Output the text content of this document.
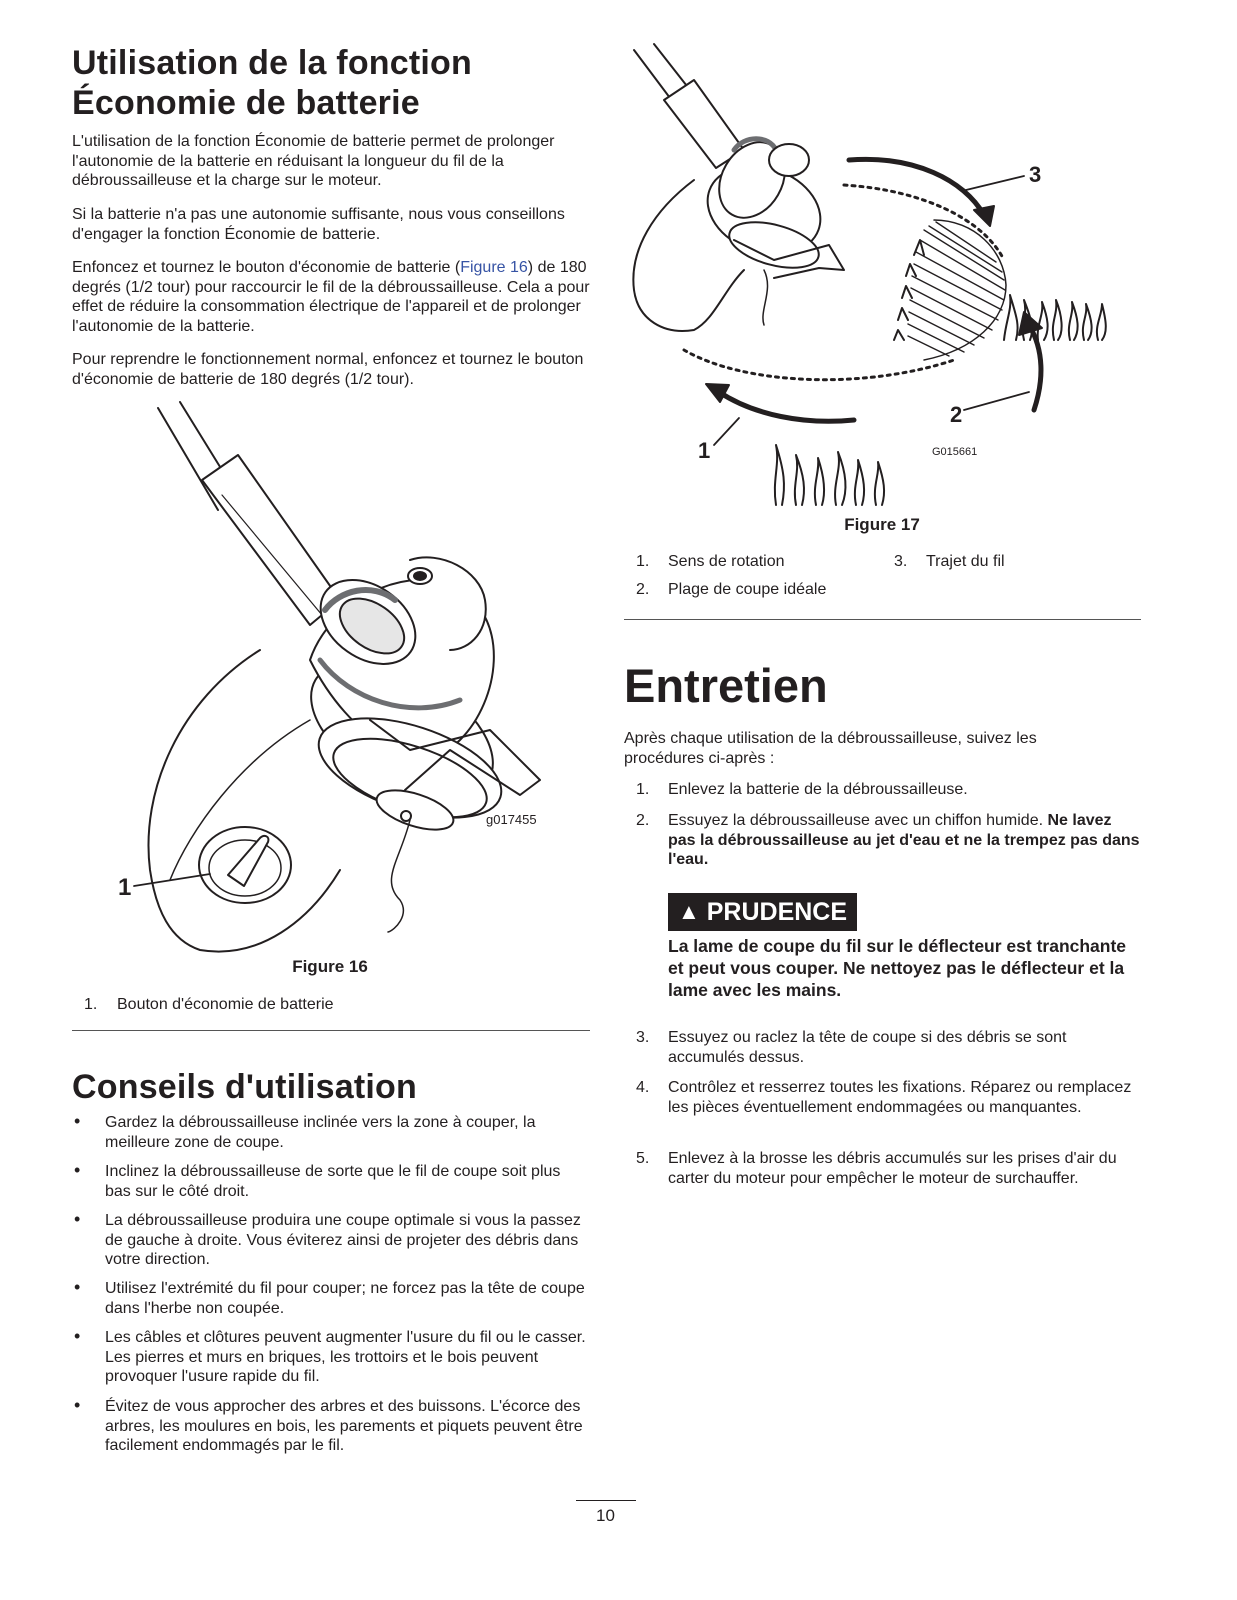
Utilisation de la fonction
Économie de batterie

L'utilisation de la fonction Économie de batterie permet de prolonger l'autonomie de la batterie en réduisant la longueur du fil de la débroussailleuse et la charge sur le moteur.

Si la batterie n'a pas une autonomie suffisante, nous vous conseillons d'engager la fonction Économie de batterie.

Enfoncez et tournez le bouton d'économie de batterie (Figure 16) de 180 degrés (1/2 tour) pour raccourcir le fil de la débroussailleuse. Cela a pour effet de réduire la consommation électrique de l'appareil et de prolonger l'autonomie de la batterie.

Pour reprendre le fonctionnement normal, enfoncez et tournez le bouton d'économie de batterie de 180 degrés (1/2 tour).

g017455
1
Figure 16
1. Bouton d'économie de batterie
Conseils d'utilisation
• Gardez la débroussailleuse inclinée vers la zone à couper, la meilleure zone de coupe.

• Inclinez la débroussailleuse de sorte que le fil de coupe soit plus bas sur le côté droit.

• La débroussailleuse produira une coupe optimale si vous la passez de gauche à droite. Vous éviterez ainsi de projeter des débris dans votre direction.

• Utilisez l'extrémité du fil pour couper; ne forcez pas la tête de coupe dans l'herbe non coupée.

• Les câbles et clôtures peuvent augmenter l'usure du fil ou le casser. Les pierres et murs en briques, les trottoirs et le bois peuvent provoquer l'usure rapide du fil.

• Évitez de vous approcher des arbres et des buissons. L'écorce des arbres, les moulures en bois, les parements et piquets peuvent être facilement endommagés par le fil.

3
2
1	G015661
Figure 17
1. Sens de rotation
2. Plage de coupe idéale
3. Trajet du fil
Entretien

Après chaque utilisation de la débroussailleuse, suivez les procédures ci-après :

1. Enlevez la batterie de la débroussailleuse.

2. Essuyez la débroussailleuse avec un chiffon humide. Ne lavez pas la débroussailleuse au jet d'eau et ne la trempez pas dans l'eau.

▲ PRUDENCE

La lame de coupe du fil sur le déflecteur est tranchante et peut vous couper. Ne nettoyez pas le déflecteur et la lame avec les mains.

3. Essuyez ou raclez la tête de coupe si des débris se sont accumulés dessus.

4. Contrôlez et resserrez toutes les fixations. Réparez ou remplacez les pièces éventuellement endommagées ou manquantes.

5. Enlevez à la brosse les débris accumulés sur les prises d'air du carter du moteur pour empêcher le moteur de surchauffer.

10
